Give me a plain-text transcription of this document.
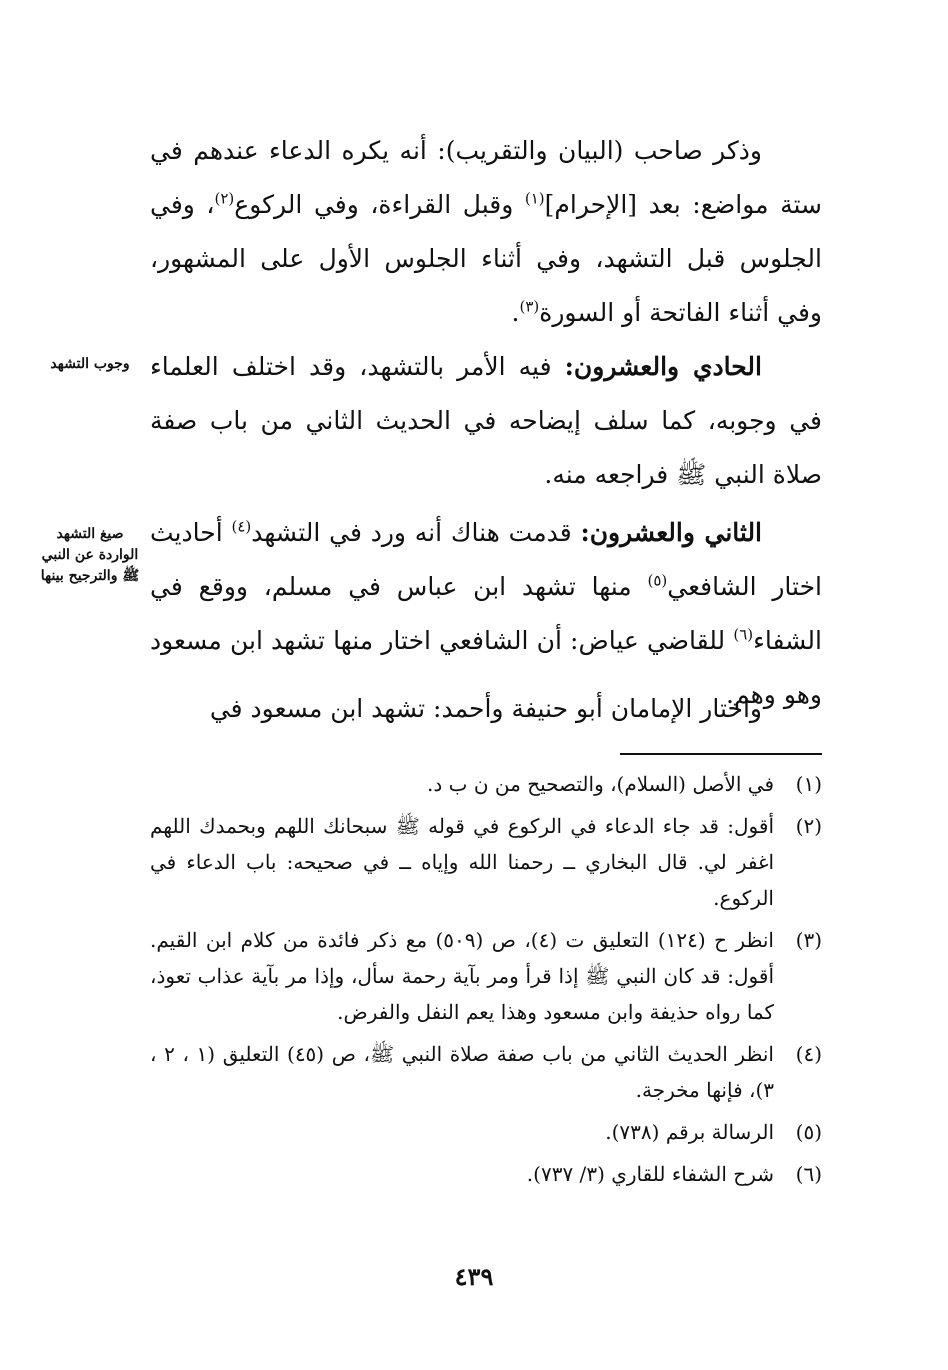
وذكر صاحب (البيان والتقريب): أنه يكره الدعاء عندهم في ستة مواضع: بعد [الإحرام]$^{(١)}$ وقبل القراءة، وفي الركوع$^{(٢)}$، وفي الجلوس قبل التشهد، وفي أثناء الجلوس الأول على المشهور، وفي أثناء الفاتحة أو السورة$^{(٣)}$.
الحادي والعشرون: فيه الأمر بالتشهد، وقد اختلف العلماء في وجوبه، كما سلف إيضاحه في الحديث الثاني من باب صفة صلاة النبي ﷺ فراجعه منه.
الثاني والعشرون: قدمت هناك أنه ورد في التشهد$^{(٤)}$ أحاديث اختار الشافعي$^{(٥)}$ منها تشهد ابن عباس في مسلم، ووقع في الشفاء$^{(٦)}$ للقاضي عياض: أن الشافعي اختار منها تشهد ابن مسعود وهو وهم.
واختار الإمامان أبو حنيفة وأحمد: تشهد ابن مسعود في
وجوب التشهد
صيغ التشهد الواردة عن النبي ﷺ والترجيح بينها
(١)
في الأصل (السلام)، والتصحيح من ن ب د.
(٢)
أقول: قد جاء الدعاء في الركوع في قوله ﷺ سبحانك اللهم وبحمدك اللهم اغفر لي. قال البخاري ــ رحمنا الله وإياه ــ في صحيحه: باب الدعاء في الركوع.
(٣)
انظر ح (١٢٤) التعليق ت (٤)، ص (٥٠٩) مع ذكر فائدة من كلام ابن القيم. أقول: قد كان النبي ﷺ إذا قرأ ومر بآية رحمة سأل، وإذا مر بآية عذاب تعوذ، كما رواه حذيفة وابن مسعود وهذا يعم النفل والفرض.
(٤)
انظر الحديث الثاني من باب صفة صلاة النبي ﷺ، ص (٤٥) التعليق (١ ، ٢ ، ٣)، فإنها مخرجة.
(٥)
الرسالة برقم (٧٣٨).
(٦)
شرح الشفاء للقاري (٣/ ٧٣٧).
٤٣٩
